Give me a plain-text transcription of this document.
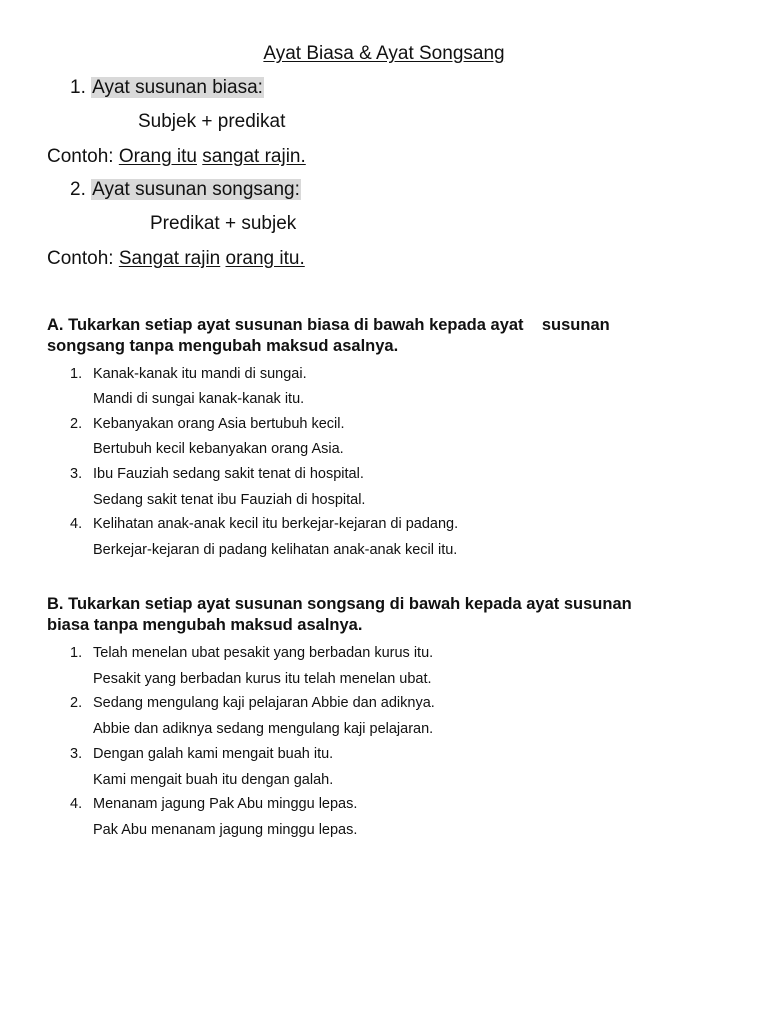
Ayat Biasa & Ayat Songsang
1. Ayat susunan biasa:
Subjek + predikat
Contoh: Orang itu sangat rajin.
2. Ayat susunan songsang:
Predikat + subjek
Contoh: Sangat rajin orang itu.
A. Tukarkan setiap ayat susunan biasa di bawah kepada ayat    susunan
songsang tanpa mengubah maksud asalnya.
1. Kanak-kanak itu mandi di sungai.
Mandi di sungai kanak-kanak itu.
2. Kebanyakan orang Asia bertubuh kecil.
Bertubuh kecil kebanyakan orang Asia.
3. Ibu Fauziah sedang sakit tenat di hospital.
Sedang sakit tenat ibu Fauziah di hospital.
4. Kelihatan anak-anak kecil itu berkejar-kejaran di padang.
Berkejar-kejaran di padang kelihatan anak-anak kecil itu.
B. Tukarkan setiap ayat susunan songsang di bawah kepada ayat susunan
biasa tanpa mengubah maksud asalnya.
1. Telah menelan ubat pesakit yang berbadan kurus itu.
Pesakit yang berbadan kurus itu telah menelan ubat.
2. Sedang mengulang kaji pelajaran Abbie dan adiknya.
Abbie dan adiknya sedang mengulang kaji pelajaran.
3. Dengan galah kami mengait buah itu.
Kami mengait buah itu dengan galah.
4. Menanam jagung Pak Abu minggu lepas.
Pak Abu menanam jagung minggu lepas.
